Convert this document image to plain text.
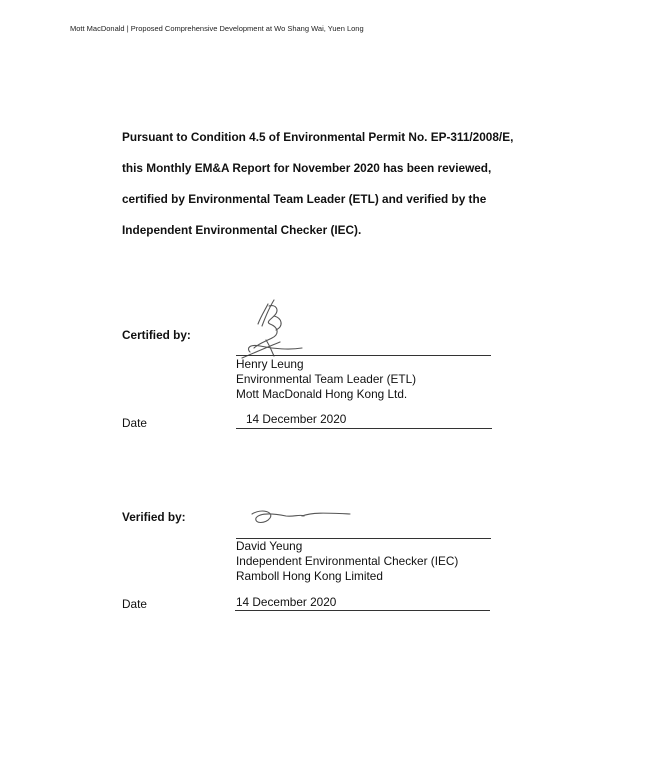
Mott MacDonald | Proposed Comprehensive Development at Wo Shang Wai, Yuen Long

Pursuant to Condition 4.5 of Environmental Permit No. EP-311/2008/E,

this Monthly EM&A Report for November 2020 has been reviewed,

certified by Environmental Team Leader (ETL) and verified by the

Independent Environmental Checker (IEC).

Certified by:
Henry Leung
Environmental Team Leader (ETL)
Mott MacDonald Hong Kong Ltd.
Date	14 December 2020
Verified by:
David Yeung
Independent Environmental Checker (IEC)
Ramboll Hong Kong Limited
Date	14 December 2020
